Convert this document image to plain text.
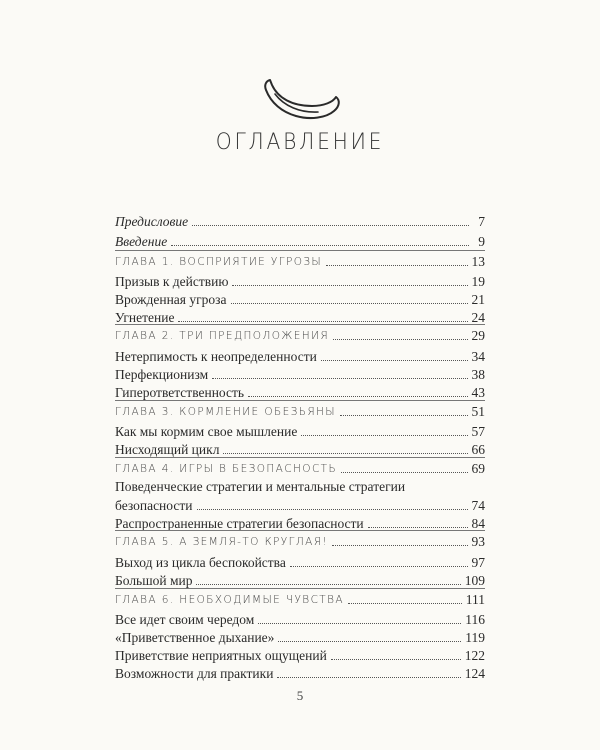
ОГЛАВЛЕНИЕ
Предисловие	7
Введение	9
ГЛАВА 1. ВОСПРИЯТИЕ УГРОЗЫ	13
Призыв к действию	19
Врожденная угроза	21
Угнетение	24
ГЛАВА 2. ТРИ ПРЕДПОЛОЖЕНИЯ	29
Нетерпимость к неопределенности	34
Перфекционизм	38
Гиперответственность	43
ГЛАВА 3. КОРМЛЕНИЕ ОБЕЗЬЯНЫ	51
Как мы кормим свое мышление	57
Нисходящий цикл	66
ГЛАВА 4. ИГРЫ В БЕЗОПАСНОСТЬ	69
Поведенческие стратегии и ментальные стратегии
безопасности	74
Распространенные стратегии безопасности	84
ГЛАВА 5. А ЗЕМЛЯ-ТО КРУГЛАЯ!	93
Выход из цикла беспокойства	97
Большой мир	109
ГЛАВА 6. НЕОБХОДИМЫЕ ЧУВСТВА	111
Все идет своим чередом	116
«Приветственное дыхание»	119
Приветствие неприятных ощущений	122
Возможности для практики	124
5
